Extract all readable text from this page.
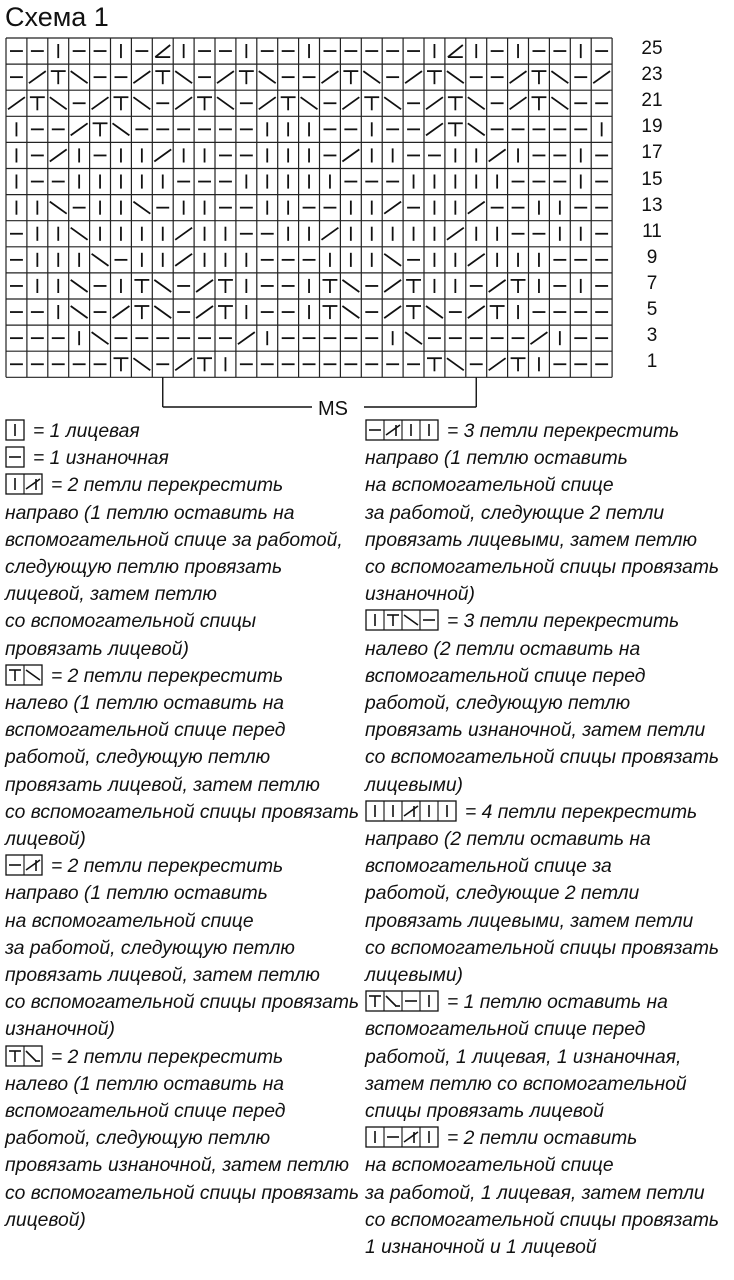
Схема 1
25
23
21
19
17
15
13
11
9
7
5
3
1
MS
= 1 лицевая
= 1 изнаночная
= 2 петли перекрестить
направо (1 петлю оставить на
вспомогательной спице за работой,
следующую петлю провязать
лицевой, затем петлю
со вспомогательной спицы
провязать лицевой)
= 2 петли перекрестить
налево (1 петлю оставить на
вспомогательной спице перед
работой, следующую петлю
провязать лицевой, затем петлю
со вспомогательной спицы провязать
лицевой)
= 2 петли перекрестить
направо (1 петлю оставить
на вспомогательной спице
за работой, следующую петлю
провязать лицевой, затем петлю
со вспомогательной спицы провязать
изнаночной)
= 2 петли перекрестить
налево (1 петлю оставить на
вспомогательной спице перед
работой, следующую петлю
провязать изнаночной, затем петлю
со вспомогательной спицы провязать
лицевой)
= 3 петли перекрестить
направо (1 петлю оставить
на вспомогательной спице
за работой, следующие 2 петли
провязать лицевыми, затем петлю
со вспомогательной спицы провязать
изнаночной)
= 3 петли перекрестить
налево (2 петли оставить на
вспомогательной спице перед
работой, следующую петлю
провязать изнаночной, затем петли
со вспомогательной спицы провязать
лицевыми)
= 4 петли перекрестить
направо (2 петли оставить на
вспомогательной спице за
работой, следующие 2 петли
провязать лицевыми, затем петли
со вспомогательной спицы провязать
лицевыми)
= 1 петлю оставить на
вспомогательной спице перед
работой, 1 лицевая, 1 изнаночная,
затем петлю со вспомогательной
спицы провязать лицевой
= 2 петли оставить
на вспомогательной спице
за работой, 1 лицевая, затем петли
со вспомогательной спицы провязать
1 изнаночной и 1 лицевой
